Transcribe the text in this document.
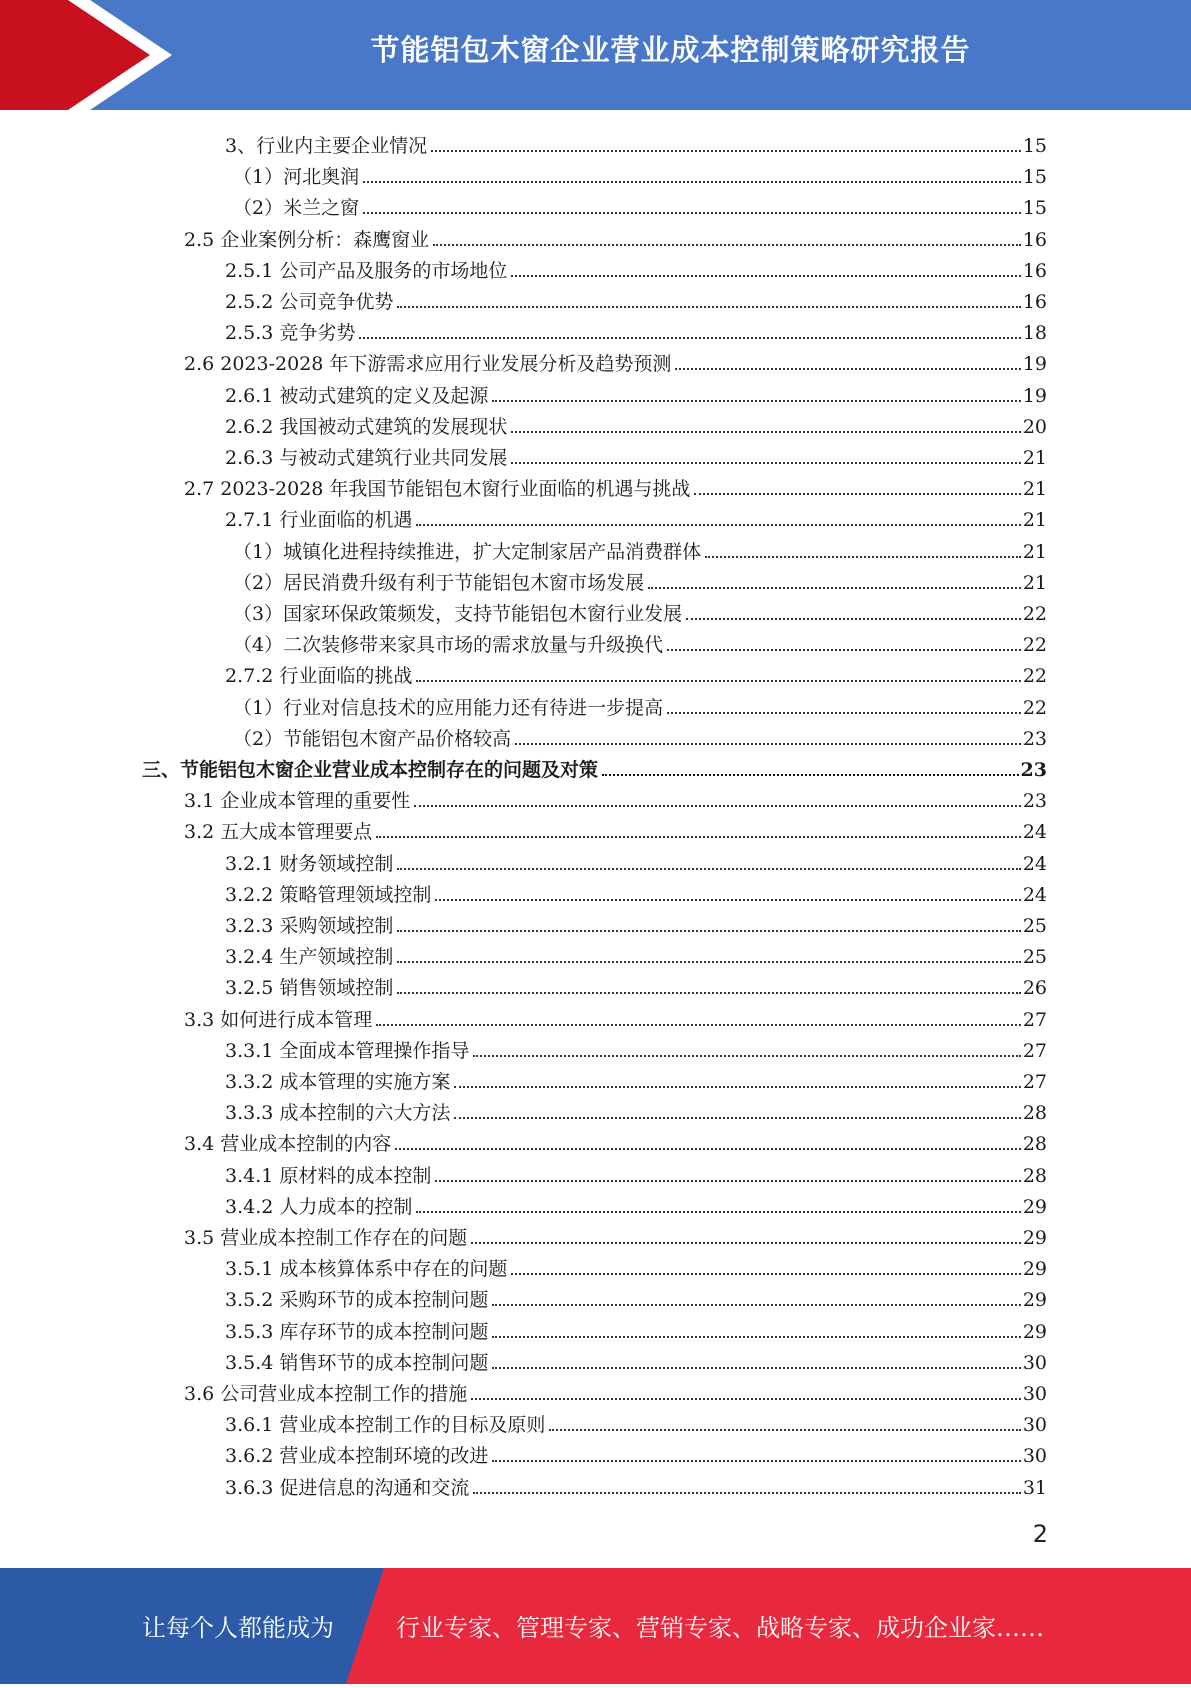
节能铝包木窗企业营业成本控制策略研究报告
3、行业内主要企业情况	15
（1）河北奥润	15
（2）米兰之窗	15
2.5 企业案例分析：森鹰窗业	16
2.5.1 公司产品及服务的市场地位	16
2.5.2 公司竞争优势	16
2.5.3 竞争劣势	18
2.6 2023-2028 年下游需求应用行业发展分析及趋势预测	19
2.6.1 被动式建筑的定义及起源	19
2.6.2 我国被动式建筑的发展现状	20
2.6.3 与被动式建筑行业共同发展	21
2.7 2023-2028 年我国节能铝包木窗行业面临的机遇与挑战	21
2.7.1 行业面临的机遇	21
（1）城镇化进程持续推进，扩大定制家居产品消费群体	21
（2）居民消费升级有利于节能铝包木窗市场发展	21
（3）国家环保政策频发，支持节能铝包木窗行业发展	22
（4）二次装修带来家具市场的需求放量与升级换代	22
2.7.2 行业面临的挑战	22
（1）行业对信息技术的应用能力还有待进一步提高	22
（2）节能铝包木窗产品价格较高	23
三、节能铝包木窗企业营业成本控制存在的问题及对策	23
3.1 企业成本管理的重要性	23
3.2 五大成本管理要点	24
3.2.1 财务领域控制	24
3.2.2 策略管理领域控制	24
3.2.3 采购领域控制	25
3.2.4 生产领域控制	25
3.2.5 销售领域控制	26
3.3 如何进行成本管理	27
3.3.1 全面成本管理操作指导	27
3.3.2 成本管理的实施方案	27
3.3.3 成本控制的六大方法	28
3.4 营业成本控制的内容	28
3.4.1 原材料的成本控制	28
3.4.2 人力成本的控制	29
3.5 营业成本控制工作存在的问题	29
3.5.1 成本核算体系中存在的问题	29
3.5.2 采购环节的成本控制问题	29
3.5.3 库存环节的成本控制问题	29
3.5.4 销售环节的成本控制问题	30
3.6 公司营业成本控制工作的措施	30
3.6.1 营业成本控制工作的目标及原则	30
3.6.2 营业成本控制环境的改进	30
3.6.3 促进信息的沟通和交流	31
2
让每个人都能成为	行业专家、管理专家、营销专家、战略专家、成功企业家……
